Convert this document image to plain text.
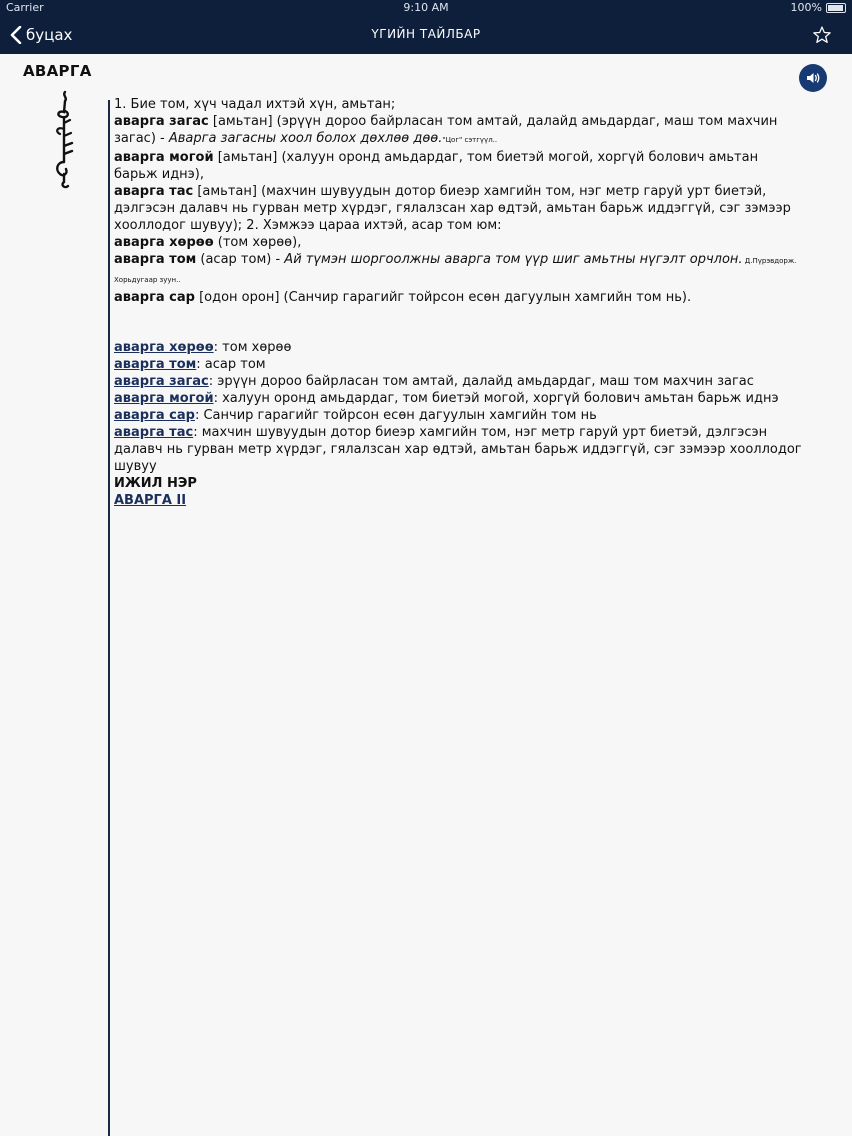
Carrier	9:10 AM	100%
буцах	ҮГИЙН ТАЙЛБАР
АВАРГА

1. Бие том, хүч чадал ихтэй хүн, амьтан;

аварга загас [амьтан] (эрүүн дороо байрласан том амтай, далайд амьдардаг, маш том махчин загас) - Аварга загасны хоол болох дөхлөө дөө."Цог" сэтгүүл..

аварга могой [амьтан] (халуун оронд амьдардаг, том биетэй могой, хоргүй болович амьтан барьж иднэ),

аварга тас [амьтан] (махчин шувуудын дотор биеэр хамгийн том, нэг метр гаруй урт биетэй, дэлгэсэн далавч нь гурван метр хүрдэг, гялалзсан хар өдтэй, амьтан барьж иддэггүй, сэг зэмээр хооллодог шувуу); 2. Хэмжээ цараа ихтэй, асар том юм:

аварга хөрөө (том хөрөө),

аварга том (асар том) - Ай түмэн шоргоолжны аварга том үүр шиг амьтны нүгэлт орчлон. Д.Пүрэвдорж. Хорьдугаар зуун..

аварга сар [одон орон] (Санчир гарагийг тойрсон есөн дагуулын хамгийн том нь).

аварга хөрөө: том хөрөө

аварга том: асар том

аварга загас: эрүүн дороо байрласан том амтай, далайд амьдардаг, маш том махчин загас

аварга могой: халуун оронд амьдардаг, том биетэй могой, хоргүй болович амьтан барьж иднэ

аварга сар: Санчир гарагийг тойрсон есөн дагуулын хамгийн том нь

аварга тас: махчин шувуудын дотор биеэр хамгийн том, нэг метр гаруй урт биетэй, дэлгэсэн далавч нь гурван метр хүрдэг, гялалзсан хар өдтэй, амьтан барьж иддэггүй, сэг зэмээр хооллодог шувуу

ИЖИЛ НЭР

АВАРГА II
